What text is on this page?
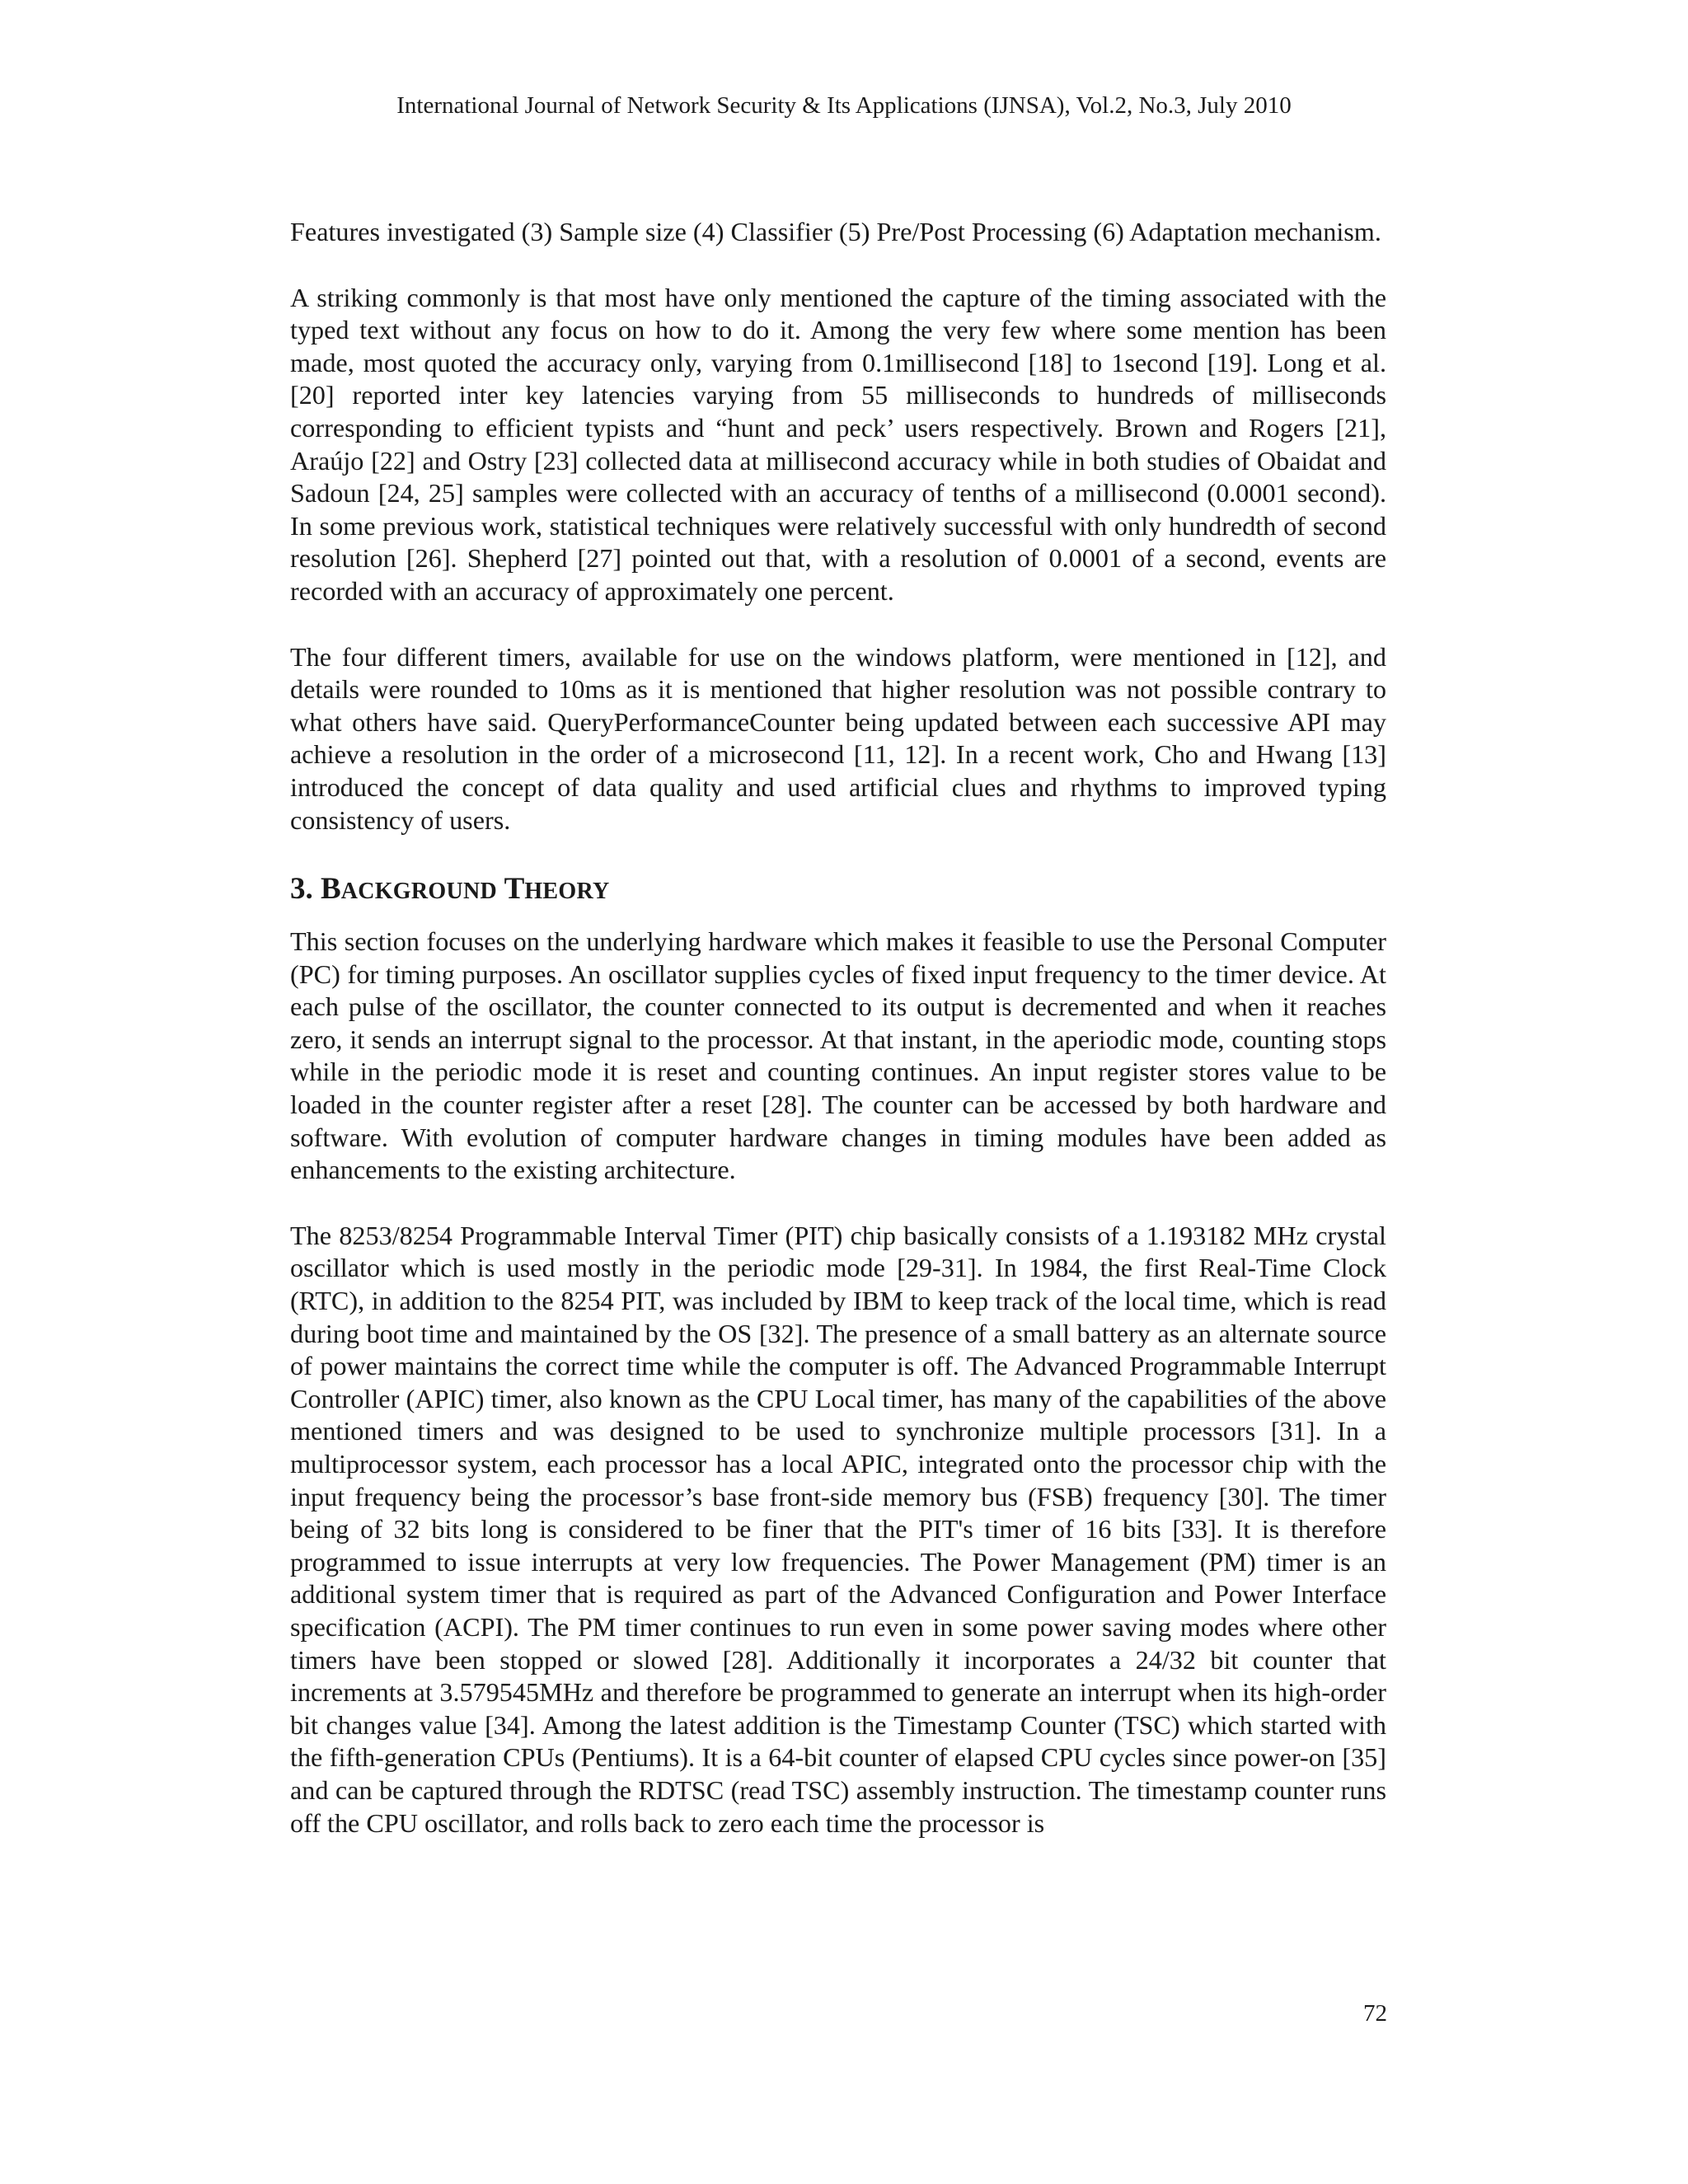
International Journal of Network Security & Its Applications (IJNSA), Vol.2, No.3, July 2010

Features investigated (3) Sample size (4) Classifier (5) Pre/Post Processing (6) Adaptation mechanism.

A striking commonly is that most have only mentioned the capture of the timing associated with the typed text without any focus on how to do it. Among the very few where some mention has been made, most quoted the accuracy only, varying from 0.1millisecond [18] to 1second [19]. Long et al. [20] reported inter key latencies varying from 55 milliseconds to hundreds of milliseconds corresponding to efficient typists and “hunt and peck’ users respectively. Brown and Rogers [21], Araújo [22] and Ostry [23] collected data at millisecond accuracy while in both studies of Obaidat and Sadoun [24, 25] samples were collected with an accuracy of tenths of a millisecond (0.0001 second). In some previous work, statistical techniques were relatively successful with only hundredth of second resolution [26]. Shepherd [27] pointed out that, with a resolution of 0.0001 of a second, events are recorded with an accuracy of approximately one percent.

The four different timers, available for use on the windows platform, were mentioned in [12], and details were rounded to 10ms as it is mentioned that higher resolution was not possible contrary to what others have said. QueryPerformanceCounter being updated between each successive API may achieve a resolution in the order of a microsecond [11, 12]. In a recent work, Cho and Hwang [13] introduced the concept of data quality and used artificial clues and rhythms to improved typing consistency of users.

3. BACKGROUND THEORY

This section focuses on the underlying hardware which makes it feasible to use the Personal Computer (PC) for timing purposes. An oscillator supplies cycles of fixed input frequency to the timer device. At each pulse of the oscillator, the counter connected to its output is decremented and when it reaches zero, it sends an interrupt signal to the processor. At that instant, in the aperiodic mode, counting stops while in the periodic mode it is reset and counting continues. An input register stores value to be loaded in the counter register after a reset [28]. The counter can be accessed by both hardware and software. With evolution of computer hardware changes in timing modules have been added as enhancements to the existing architecture.

The 8253/8254 Programmable Interval Timer (PIT) chip basically consists of a 1.193182 MHz crystal oscillator which is used mostly in the periodic mode [29-31]. In 1984, the first Real-Time Clock (RTC), in addition to the 8254 PIT, was included by IBM to keep track of the local time, which is read during boot time and maintained by the OS [32]. The presence of a small battery as an alternate source of power maintains the correct time while the computer is off. The Advanced Programmable Interrupt Controller (APIC) timer, also known as the CPU Local timer, has many of the capabilities of the above mentioned timers and was designed to be used to synchronize multiple processors [31]. In a multiprocessor system, each processor has a local APIC, integrated onto the processor chip with the input frequency being the processor’s base front-side memory bus (FSB) frequency [30]. The timer being of 32 bits long is considered to be finer that the PIT's timer of 16 bits [33]. It is therefore programmed to issue interrupts at very low frequencies. The Power Management (PM) timer is an additional system timer that is required as part of the Advanced Configuration and Power Interface specification (ACPI). The PM timer continues to run even in some power saving modes where other timers have been stopped or slowed [28]. Additionally it incorporates a 24/32 bit counter that increments at 3.579545MHz and therefore be programmed to generate an interrupt when its high-order bit changes value [34]. Among the latest addition is the Timestamp Counter (TSC) which started with the fifth-generation CPUs (Pentiums). It is a 64-bit counter of elapsed CPU cycles since power-on [35] and can be captured through the RDTSC (read TSC) assembly instruction. The timestamp counter runs off the CPU oscillator, and rolls back to zero each time the processor is

72
